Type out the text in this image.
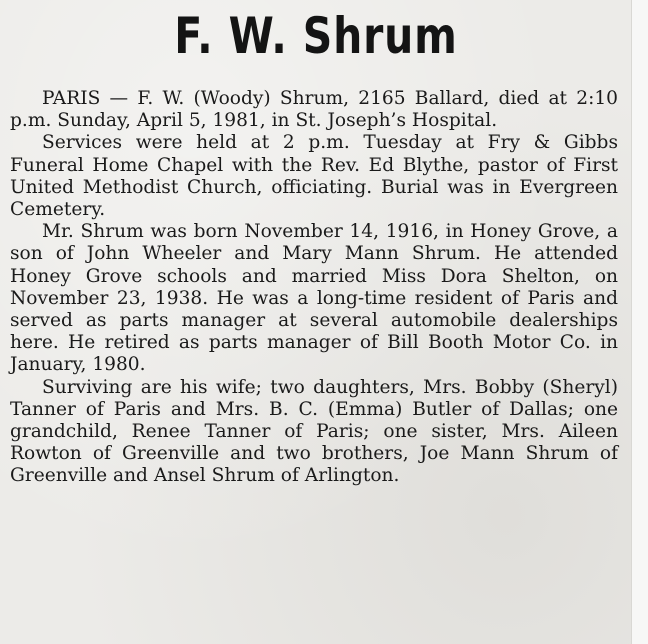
F. W. Shrum

PARIS — F. W. (Woody) Shrum, 2165 Ballard, died at 2:10 p.m. Sunday, April 5, 1981, in St. Joseph’s Hospital.

Services were held at 2 p.m. Tuesday at Fry & Gibbs Funeral Home Chapel with the Rev. Ed Blythe, pastor of First United Methodist Church, officiating. Burial was in Evergreen Cemetery.

Mr. Shrum was born November 14, 1916, in Honey Grove, a son of John Wheeler and Mary Mann Shrum. He attended Honey Grove schools and married Miss Dora Shelton, on November 23, 1938. He was a long-time resident of Paris and served as parts manager at several automobile dealerships here. He retired as parts manager of Bill Booth Motor Co. in January, 1980.

Surviving are his wife; two daughters, Mrs. Bobby (Sheryl) Tanner of Paris and Mrs. B. C. (Emma) Butler of Dallas; one grandchild, Renee Tanner of Paris; one sister, Mrs. Aileen Rowton of Greenville and two brothers, Joe Mann Shrum of Greenville and Ansel Shrum of Arlington.
